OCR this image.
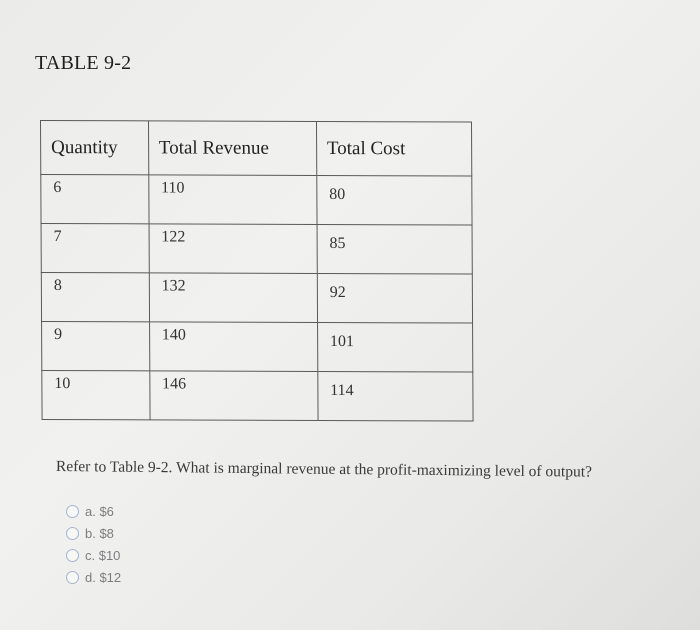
TABLE 9-2
Quantity	Total Revenue	Total Cost
6	110	80
7	122	85
8	132	92
9	140	101
10	146	114
Refer to Table 9-2. What is marginal revenue at the profit-maximizing level of output?
a. $6
b. $8
c. $10
d. $12
